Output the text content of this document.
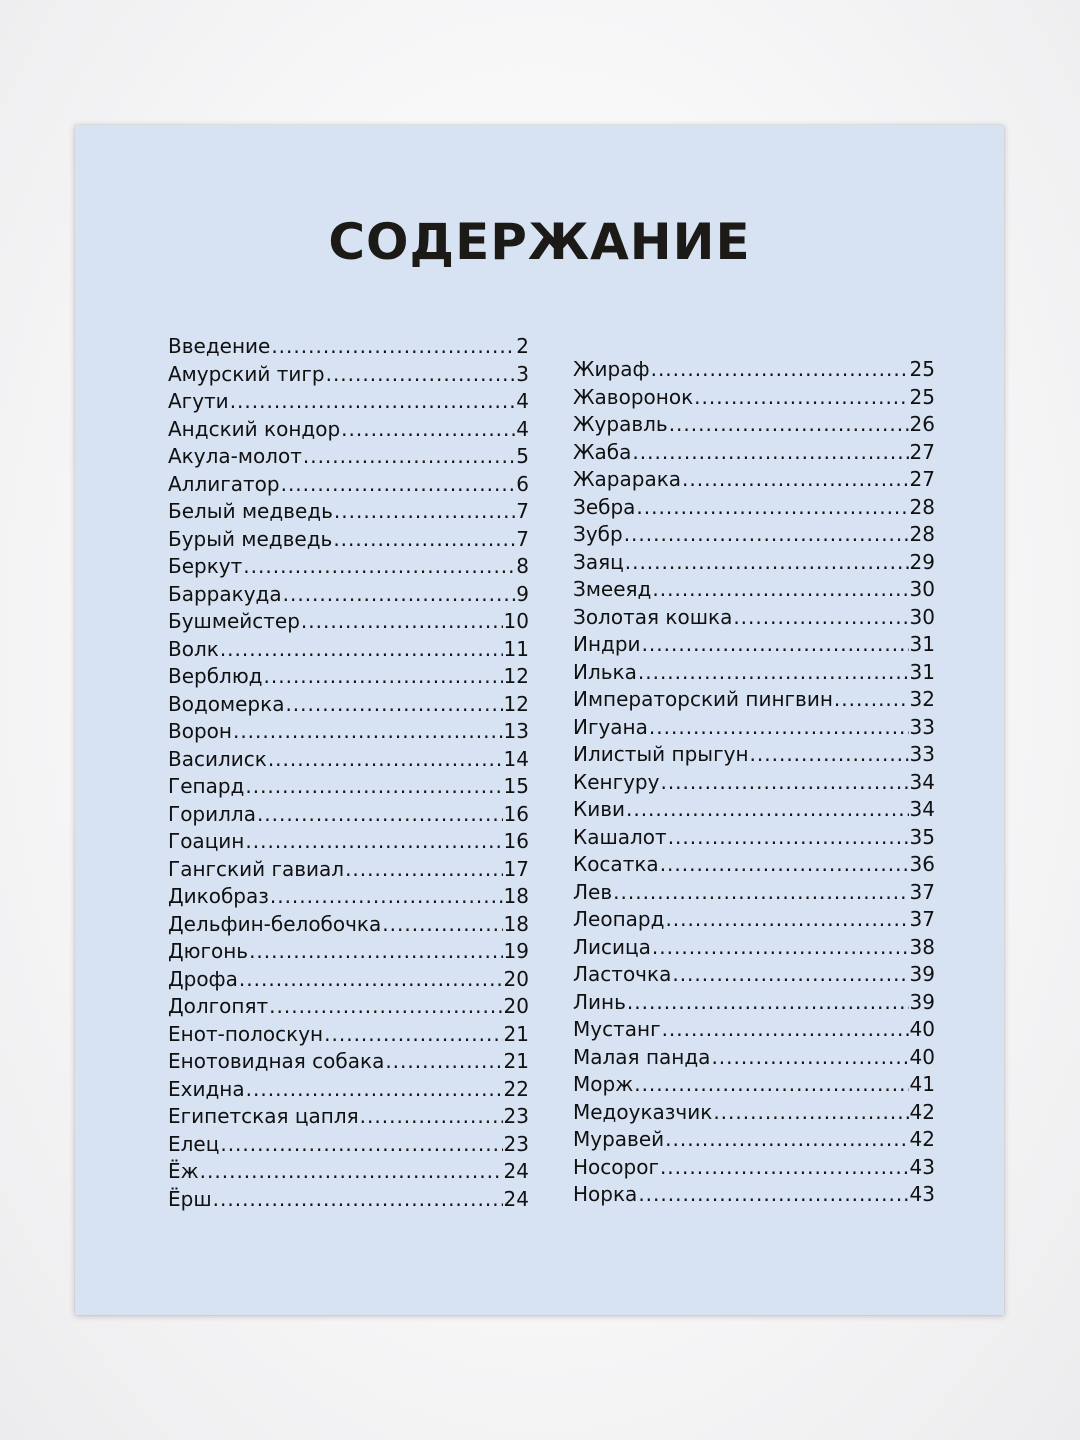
СОДЕРЖАНИЕ
Введение .....	2
Амурский тигр .....	3
Агути .....	4
Андский кондор .....	4
Акула-молот .....	5
Аллигатор .....	6
Белый медведь .....	7
Бурый медведь .....	7
Беркут .....	8
Барракуда .....	9
Бушмейстер .....	10
Волк .....	11
Верблюд .....	12
Водомерка .....	12
Ворон .....	13
Василиск .....	14
Гепард .....	15
Горилла .....	16
Гоацин .....	16
Гангский гавиал .....	17
Дикобраз .....	18
Дельфин-белобочка .....	18
Дюгонь .....	19
Дрофа .....	20
Долгопят .....	20
Енот-полоскун .....	21
Енотовидная собака .....	21
Ехидна .....	22
Египетская цапля .....	23
Елец .....	23
Ёж .....	24
Ёрш .....	24
Жираф .....	25
Жаворонок .....	25
Журавль .....	26
Жаба .....	27
Жарарака .....	27
Зебра .....	28
Зубр .....	28
Заяц .....	29
Змееяд .....	30
Золотая кошка .....	30
Индри .....	31
Илька .....	31
Императорский пингвин .....	32
Игуана .....	33
Илистый прыгун .....	33
Кенгуру .....	34
Киви .....	34
Кашалот .....	35
Косатка .....	36
Лев .....	37
Леопард .....	37
Лисица .....	38
Ласточка .....	39
Линь .....	39
Мустанг .....	40
Малая панда .....	40
Морж .....	41
Медоуказчик .....	42
Муравей .....	42
Носорог .....	43
Норка .....	43
